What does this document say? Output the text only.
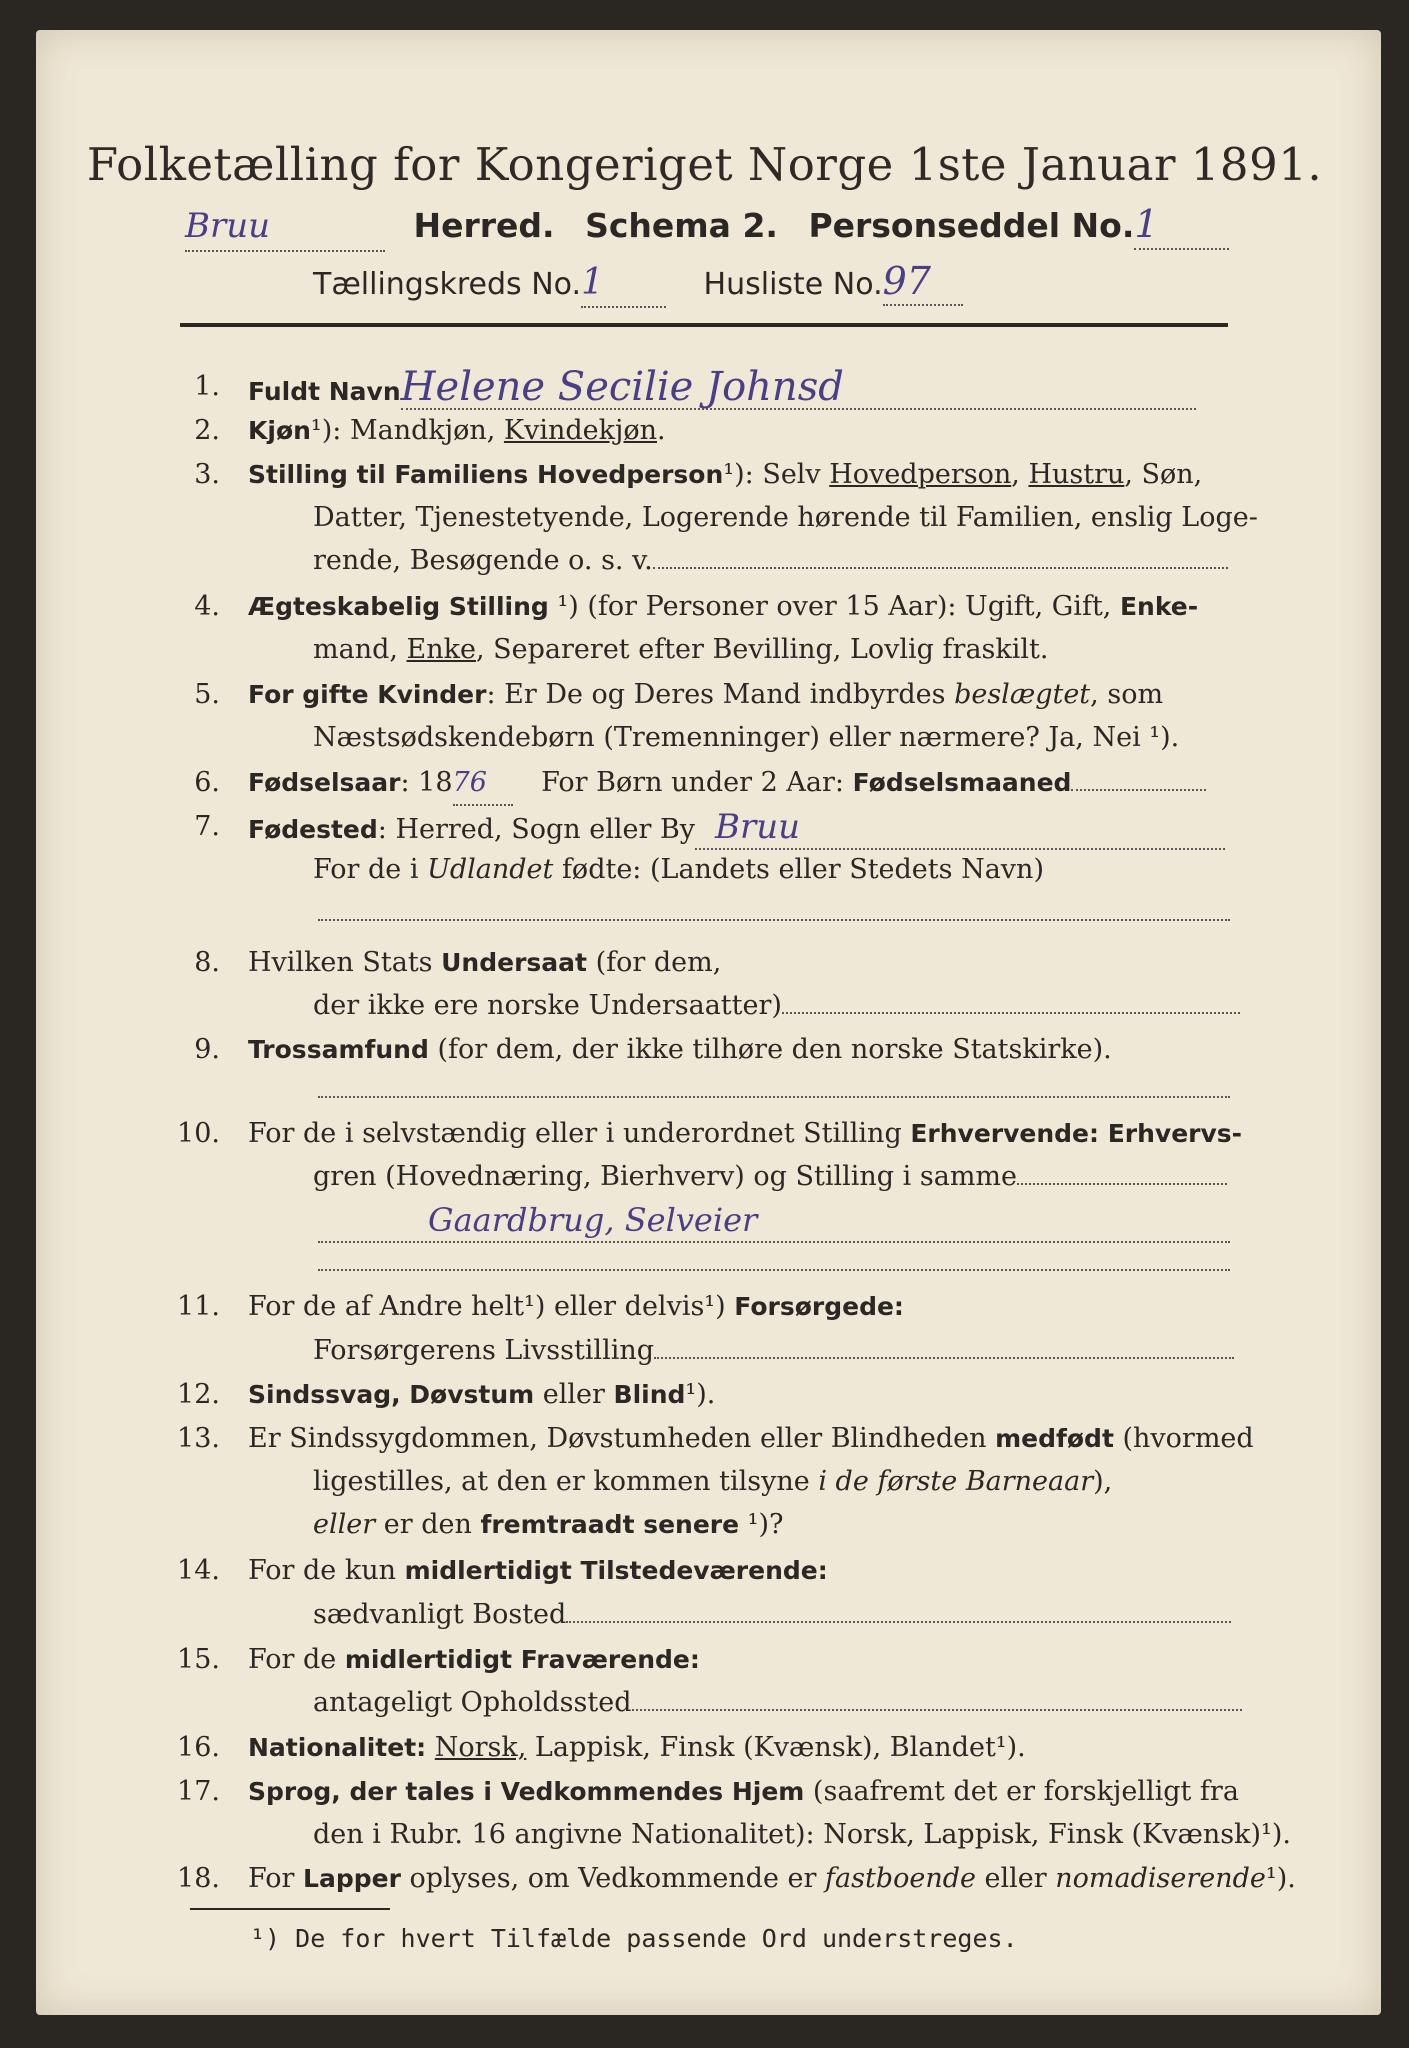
Folketælling for Kongeriget Norge 1ste Januar 1891.
Bruu	Herred. Schema 2. Personseddel No.1
Tællingskreds No.1	Husliste No.97
1. Fuldt NavnHelene Secilie Johnsd
2. Kjøn¹): Mandkjøn, Kvindekjøn.
3. Stilling til Familiens Hovedperson¹): Selv Hovedperson, Hustru, Søn,
Datter, Tjenestetyende, Logerende hørende til Familien, enslig Loge-
rende, Besøgende o. s. v.
4. Ægteskabelig Stilling ¹) (for Personer over 15 Aar): Ugift, Gift, Enke-
mand, Enke, Separeret efter Bevilling, Lovlig fraskilt.
5. For gifte Kvinder: Er De og Deres Mand indbyrdes beslægtet, som
Næstsødskendebørn (Tremenninger) eller nærmere? Ja, Nei ¹).
6. Fødselsaar: 1876 For Børn under 2 Aar: Fødselsmaaned
7. Fødested: Herred, Sogn eller By Bruu
For de i Udlandet fødte: (Landets eller Stedets Navn)
8. Hvilken Stats Undersaat (for dem,
der ikke ere norske Undersaatter)
9. Trossamfund (for dem, der ikke tilhøre den norske Statskirke).
10. For de i selvstændig eller i underordnet Stilling Erhvervende: Erhvervs-
gren (Hovednæring, Bierhverv) og Stilling i samme
Gaardbrug, Selveier
11. For de af Andre helt¹) eller delvis¹) Forsørgede:
Forsørgerens Livsstilling
12. Sindssvag, Døvstum eller Blind¹).
13. Er Sindssygdommen, Døvstumheden eller Blindheden medfødt (hvormed
ligestilles, at den er kommen tilsyne i de første Barneaar),
eller er den fremtraadt senere ¹)?
14. For de kun midlertidigt Tilstedeværende:
sædvanligt Bosted
15. For de midlertidigt Fraværende:
antageligt Opholdssted
16. Nationalitet: Norsk, Lappisk, Finsk (Kvænsk), Blandet¹).
17. Sprog, der tales i Vedkommendes Hjem (saafremt det er forskjelligt fra
den i Rubr. 16 angivne Nationalitet): Norsk, Lappisk, Finsk (Kvænsk)¹).
18. For Lapper oplyses, om Vedkommende er fastboende eller nomadiserende¹).
¹) De for hvert Tilfælde passende Ord understreges.
